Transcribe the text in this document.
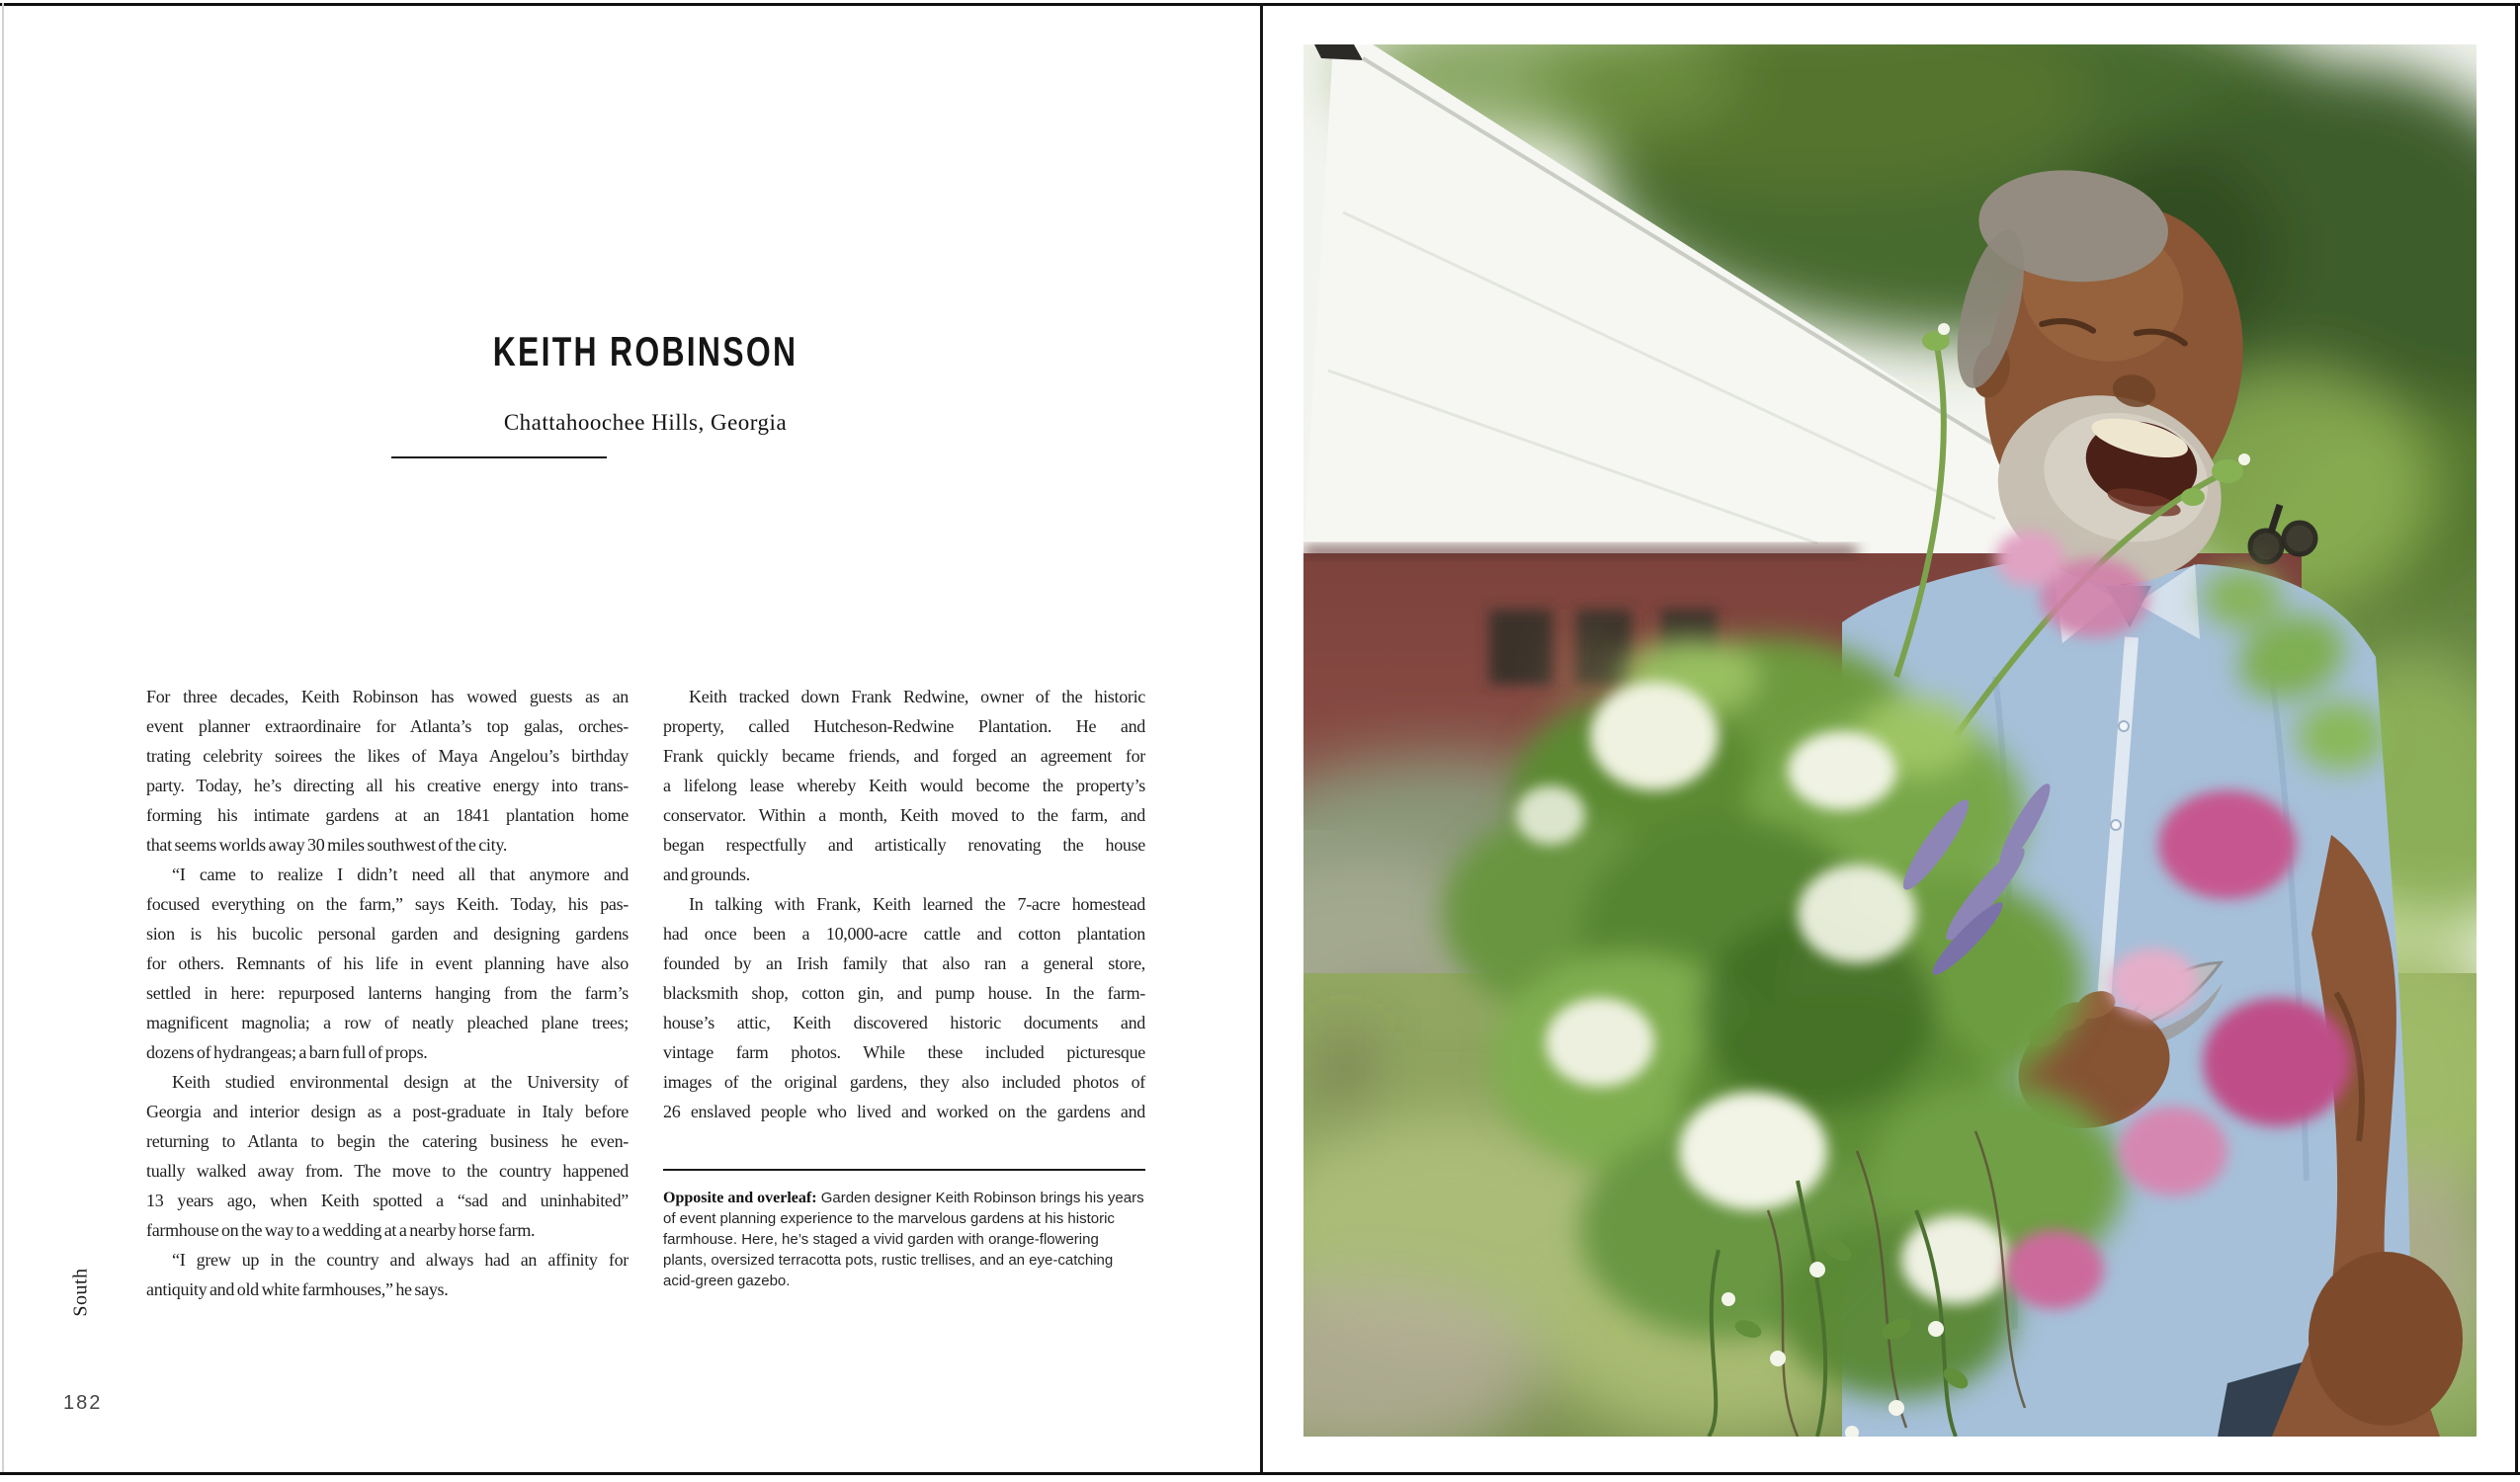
KEITH ROBINSON
Chattahoochee Hills, Georgia
For three decades, Keith Robinson has wowed guests as an
event planner extraordinaire for Atlanta’s top galas, orches-
trating celebrity soirees the likes of Maya Angelou’s birthday
party. Today, he’s directing all his creative energy into trans-
forming his intimate gardens at an 1841 plantation home
that seems worlds away 30 miles southwest of the city.
“I came to realize I didn’t need all that anymore and
focused everything on the farm,” says Keith. Today, his pas-
sion is his bucolic personal garden and designing gardens
for others. Remnants of his life in event planning have also
settled in here: repurposed lanterns hanging from the farm’s
magnificent magnolia; a row of neatly pleached plane trees;
dozens of hydrangeas; a barn full of props.
Keith studied environmental design at the University of
Georgia and interior design as a post-graduate in Italy before
returning to Atlanta to begin the catering business he even-
tually walked away from. The move to the country happened
13 years ago, when Keith spotted a “sad and uninhabited”
farmhouse on the way to a wedding at a nearby horse farm.
“I grew up in the country and always had an affinity for
antiquity and old white farmhouses,” he says.
Keith tracked down Frank Redwine, owner of the historic
property, called Hutcheson-Redwine Plantation. He and
Frank quickly became friends, and forged an agreement for
a lifelong lease whereby Keith would become the property’s
conservator. Within a month, Keith moved to the farm, and
began respectfully and artistically renovating the house
and grounds.
In talking with Frank, Keith learned the 7-acre homestead
had once been a 10,000-acre cattle and cotton plantation
founded by an Irish family that also ran a general store,
blacksmith shop, cotton gin, and pump house. In the farm-
house’s attic, Keith discovered historic documents and
vintage farm photos. While these included picturesque
images of the original gardens, they also included photos of
26 enslaved people who lived and worked on the gardens and
Opposite and overleaf: Garden designer Keith Robinson brings his years of event planning experience to the marvelous gardens at his historic farmhouse. Here, he’s staged a vivid garden with orange-flowering plants, oversized terracotta pots, rustic trellises, and an eye-catching acid-green gazebo.
South
182
